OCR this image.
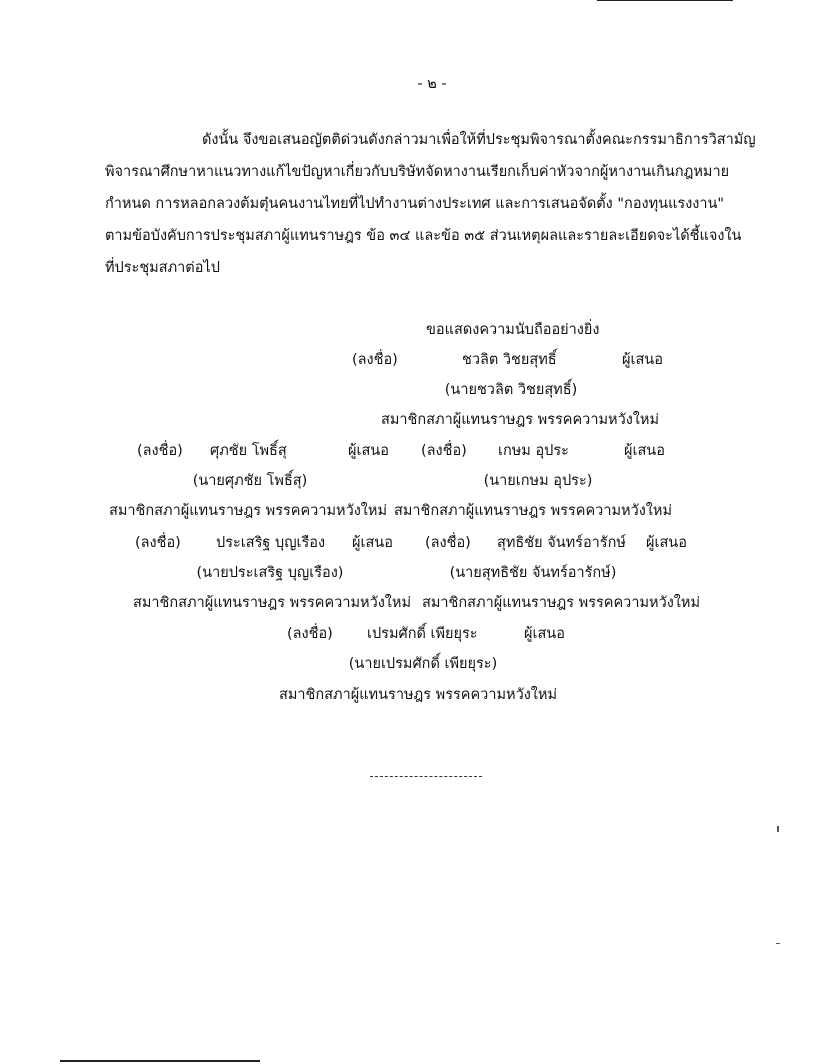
- ๒ -
ดังนั้น จึงขอเสนอญัตติด่วนดังกล่าวมาเพื่อให้ที่ประชุมพิจารณาตั้งคณะกรรมาธิการวิสามัญ
พิจารณาศึกษาหาแนวทางแก้ไขปัญหาเกี่ยวกับบริษัทจัดหางานเรียกเก็บค่าหัวจากผู้หางานเกินกฎหมาย
กำหนด การหลอกลวงต้มตุ๋นคนงานไทยที่ไปทำงานต่างประเทศ และการเสนอจัดตั้ง "กองทุนแรงงาน"
ตามข้อบังคับการประชุมสภาผู้แทนราษฎร ข้อ ๓๔ และข้อ ๓๕ ส่วนเหตุผลและรายละเอียดจะได้ชี้แจงใน
ที่ประชุมสภาต่อไป
ขอแสดงความนับถืออย่างยิ่ง
(ลงชื่อ)	ชวลิต วิชยสุทธิ์	ผู้เสนอ
(นายชวลิต วิชยสุทธิ์)
สมาชิกสภาผู้แทนราษฎร พรรคความหวังใหม่
(ลงชื่อ) ศุภชัย โพธิ์สุ	ผู้เสนอ
(นายศุภชัย โพธิ์สุ)
สมาชิกสภาผู้แทนราษฎร พรรคความหวังใหม่
(ลงชื่อ) เกษม อุประ	ผู้เสนอ
(นายเกษม อุประ)
สมาชิกสภาผู้แทนราษฎร พรรคความหวังใหม่
(ลงชื่อ) ประเสริฐ บุญเรือง ผู้เสนอ
(นายประเสริฐ บุญเรือง)
สมาชิกสภาผู้แทนราษฎร พรรคความหวังใหม่
(ลงชื่อ) สุทธิชัย จันทร์อารักษ์ ผู้เสนอ
(นายสุทธิชัย จันทร์อารักษ์)
สมาชิกสภาผู้แทนราษฎร พรรคความหวังใหม่
(ลงชื่อ) เปรมศักดิ์ เพียยุระ	ผู้เสนอ
(นายเปรมศักดิ์ เพียยุระ)
สมาชิกสภาผู้แทนราษฎร พรรคความหวังใหม่
